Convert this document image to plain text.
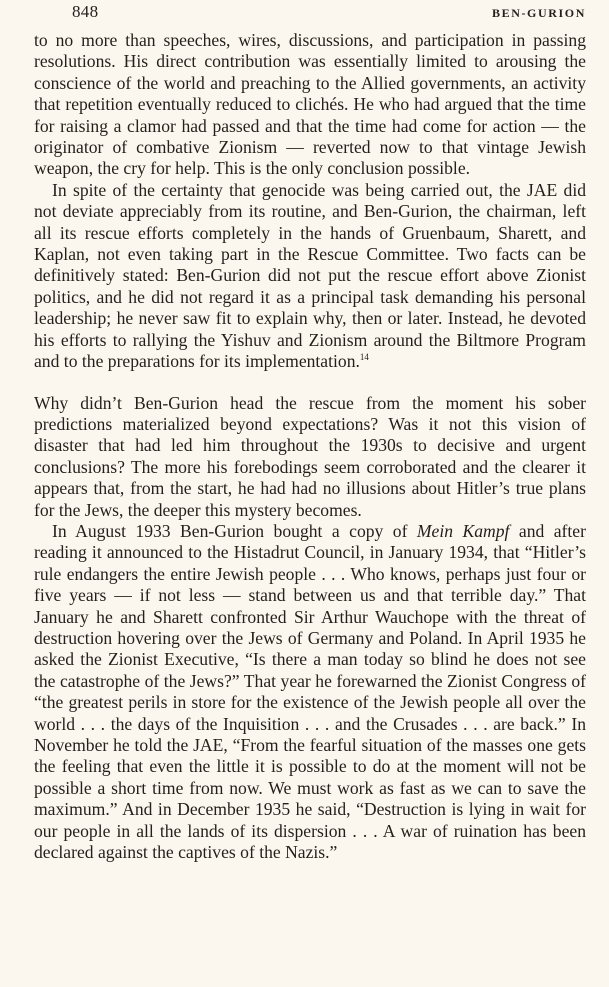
848	BEN-GURION

to no more than speeches, wires, discussions, and participation in passing resolutions. His direct contribution was essentially limited to arousing the conscience of the world and preaching to the Allied governments, an activity that repetition eventually reduced to clichés. He who had argued that the time for raising a clamor had passed and that the time had come for action — the originator of combative Zionism — reverted now to that vintage Jewish weapon, the cry for help. This is the only conclusion possible.

In spite of the certainty that genocide was being carried out, the JAE did not deviate appreciably from its routine, and Ben-Gurion, the chairman, left all its rescue efforts completely in the hands of Gruenbaum, Sharett, and Kaplan, not even taking part in the Rescue Committee. Two facts can be definitively stated: Ben-Gurion did not put the rescue effort above Zionist politics, and he did not regard it as a principal task demanding his personal leadership; he never saw fit to explain why, then or later. Instead, he devoted his efforts to rallying the Yishuv and Zionism around the Biltmore Program and to the preparations for its implementation.$^{14}$

Why didn’t Ben-Gurion head the rescue from the moment his sober predictions materialized beyond expectations? Was it not this vision of disaster that had led him throughout the 1930s to decisive and urgent conclusions? The more his forebodings seem corroborated and the clearer it appears that, from the start, he had had no illusions about Hitler’s true plans for the Jews, the deeper this mystery becomes.

In August 1933 Ben-Gurion bought a copy of Mein Kampf and after reading it announced to the Histadrut Council, in January 1934, that “Hitler’s rule endangers the entire Jewish people . . . Who knows, perhaps just four or five years — if not less — stand between us and that terrible day.” That January he and Sharett confronted Sir Arthur Wauchope with the threat of destruction hovering over the Jews of Germany and Poland. In April 1935 he asked the Zionist Executive, “Is there a man today so blind he does not see the catastrophe of the Jews?” That year he forewarned the Zionist Congress of “the greatest perils in store for the existence of the Jewish people all over the world . . . the days of the Inquisition . . . and the Crusades . . . are back.” In November he told the JAE, “From the fearful situation of the masses one gets the feeling that even the little it is possible to do at the moment will not be possible a short time from now. We must work as fast as we can to save the maximum.” And in December 1935 he said, “Destruction is lying in wait for our people in all the lands of its dispersion . . . A war of ruination has been declared against the captives of the Nazis.”
